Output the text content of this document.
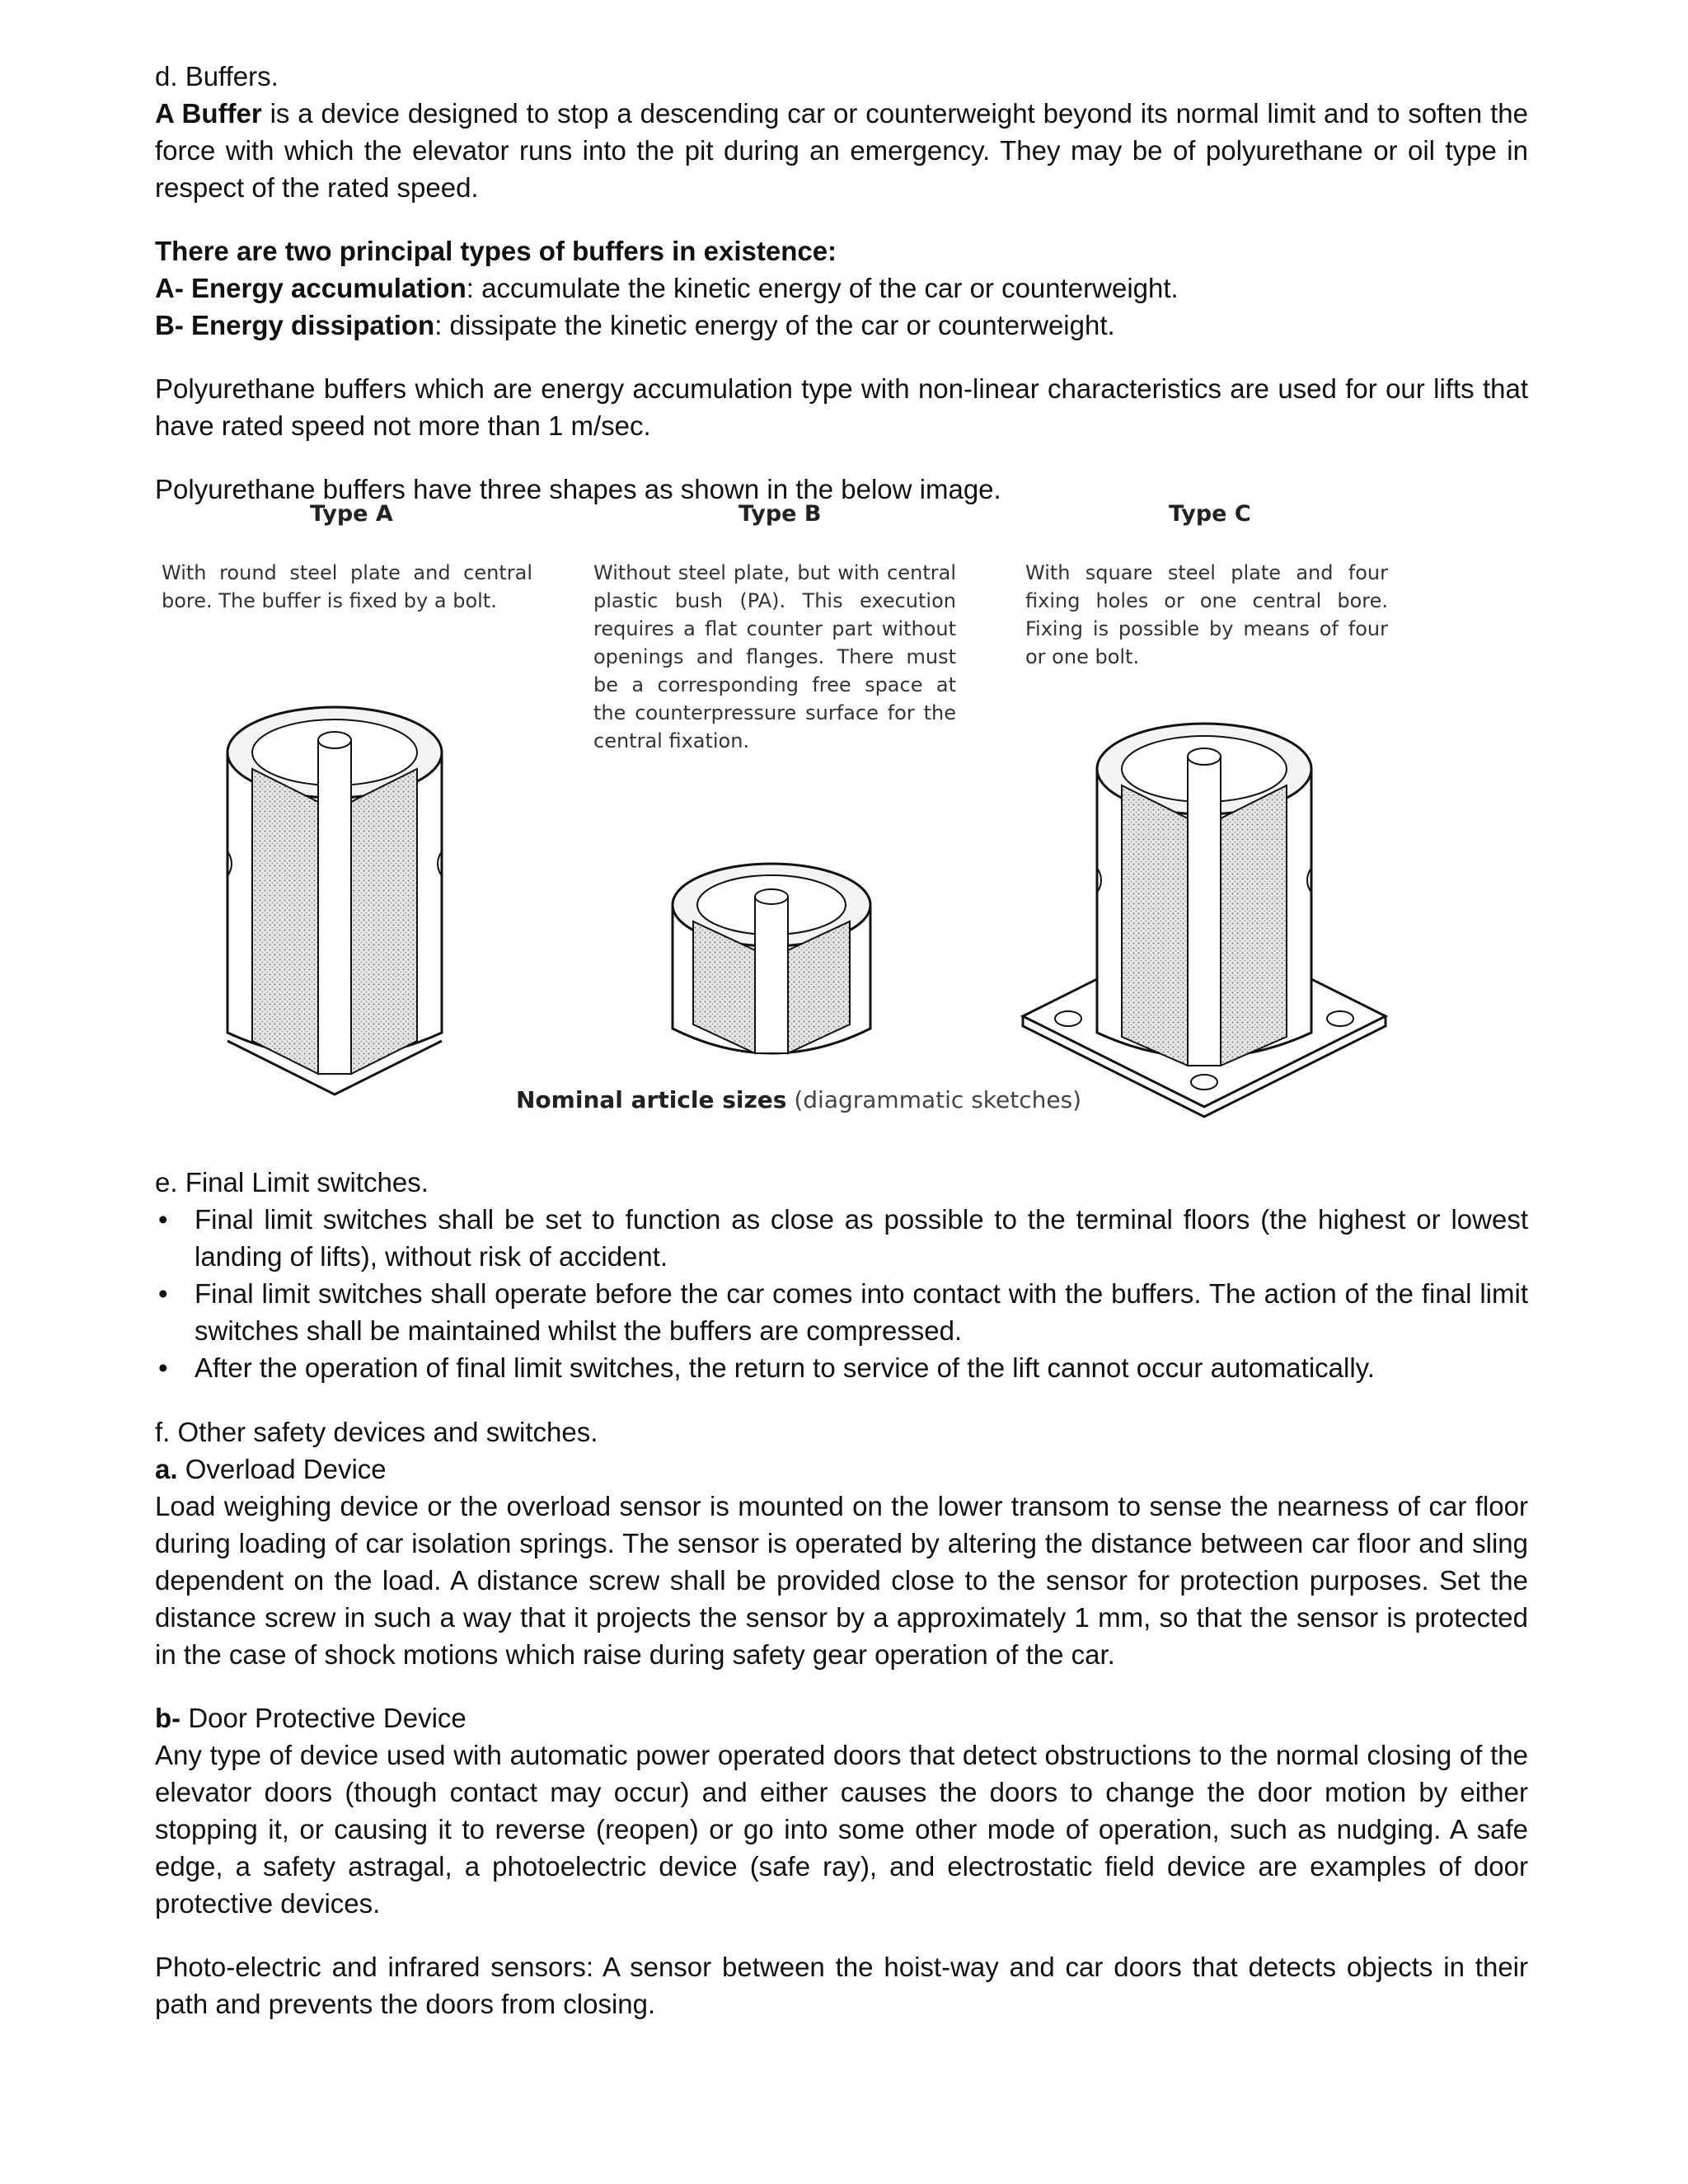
d. Buffers.

A Buffer is a device designed to stop a descending car or counterweight beyond its normal limit and to soften the force with which the elevator runs into the pit during an emergency. They may be of polyurethane or oil type in respect of the rated speed.

There are two principal types of buffers in existence:

A- Energy accumulation: accumulate the kinetic energy of the car or counterweight.

B- Energy dissipation: dissipate the kinetic energy of the car or counterweight.

Polyurethane buffers which are energy accumulation type with non-linear characteristics are used for our lifts that have rated speed not more than 1 m/sec.

Polyurethane buffers have three shapes as shown in the below image.

Type A	Type B	Type C
With round steel plate and central bore. The buffer is fixed by a bolt.
Without steel plate, but with central plastic bush (PA). This execution requires a flat counter part without openings and flanges. There must be a corresponding free space at the counterpressure surface for the central fixation.
With square steel plate and four fixing holes or one central bore. Fixing is possible by means of four or one bolt.
Nominal article sizes (diagrammatic sketches)

e. Final Limit switches.

• Final limit switches shall be set to function as close as possible to the terminal floors (the highest or lowest landing of lifts), without risk of accident.

• Final limit switches shall operate before the car comes into contact with the buffers. The action of the final limit switches shall be maintained whilst the buffers are compressed.

• After the operation of final limit switches, the return to service of the lift cannot occur automatically.

f. Other safety devices and switches.

a. Overload Device

Load weighing device or the overload sensor is mounted on the lower transom to sense the nearness of car floor during loading of car isolation springs. The sensor is operated by altering the distance between car floor and sling dependent on the load. A distance screw shall be provided close to the sensor for protection purposes. Set the distance screw in such a way that it projects the sensor by a approximately 1 mm, so that the sensor is protected in the case of shock motions which raise during safety gear operation of the car.

b- Door Protective Device

Any type of device used with automatic power operated doors that detect obstructions to the normal closing of the elevator doors (though contact may occur) and either causes the doors to change the door motion by either stopping it, or causing it to reverse (reopen) or go into some other mode of operation, such as nudging. A safe edge, a safety astragal, a photoelectric device (safe ray), and electrostatic field device are examples of door protective devices.

Photo-electric and infrared sensors: A sensor between the hoist-way and car doors that detects objects in their path and prevents the doors from closing.
